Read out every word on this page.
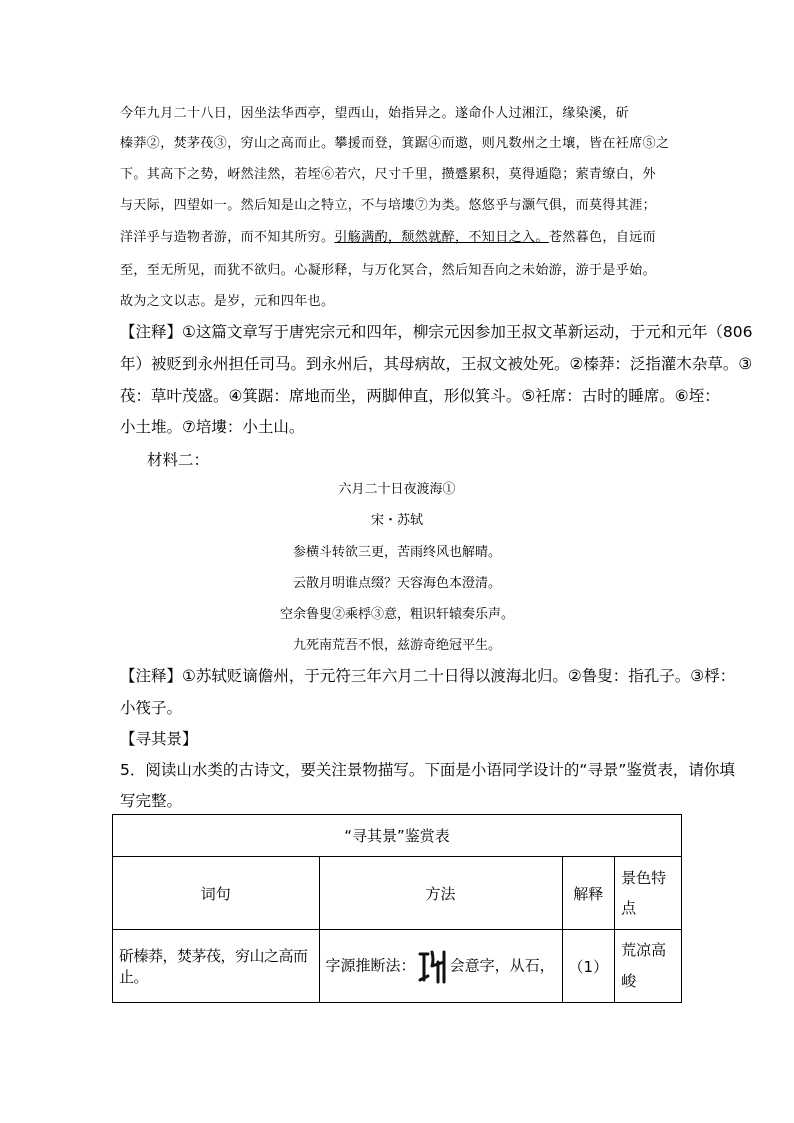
今年九月二十八日，因坐法华西亭，望西山，始指异之。遂命仆人过湘江，缘染溪，斫
榛莽②，焚茅茷③，穷山之高而止。攀援而登，箕踞④而遨，则凡数州之土壤，皆在衽席⑤之
下。其高下之势，岈然洼然，若垤⑥若穴，尺寸千里，攒蹙累积，莫得遁隐；萦青缭白，外
与天际，四望如一。然后知是山之特立，不与培塿⑦为类。悠悠乎与灏气俱，而莫得其涯；
洋洋乎与造物者游，而不知其所穷。引觞满酌，颓然就醉，不知日之入。苍然暮色，自远而
至，至无所见，而犹不欲归。心凝形释，与万化冥合，然后知吾向之未始游，游于是乎始。
故为之文以志。是岁，元和四年也。
【注释】①这篇文章写于唐宪宗元和四年，柳宗元因参加王叔文革新运动，于元和元年（806
年）被贬到永州担任司马。到永州后，其母病故，王叔文被处死。②榛莽：泛指灌木杂草。③
茷：草叶茂盛。④箕踞：席地而坐，两脚伸直，形似箕斗。⑤衽席：古时的睡席。⑥垤：
小土堆。⑦培塿：小土山。
材料二：
六月二十日夜渡海①
宋・苏轼
参横斗转欲三更，苦雨终风也解晴。
云散月明谁点缀？天容海色本澄清。
空余鲁叟②乘桴③意，粗识轩辕奏乐声。
九死南荒吾不恨，兹游奇绝冠平生。
【注释】①苏轼贬谪儋州，于元符三年六月二十日得以渡海北归。②鲁叟：指孔子。③桴：
小筏子。
【寻其景】
5．阅读山水类的古诗文，要关注景物描写。下面是小语同学设计的“寻景”鉴赏表，请你填
写完整。
“寻其景”鉴赏表			
词句	方法	解释	景色特点
斫榛莽，焚茅茷，穷山之高而止。	字源推断法： 会意字，从石，	（1）	荒凉高峻
